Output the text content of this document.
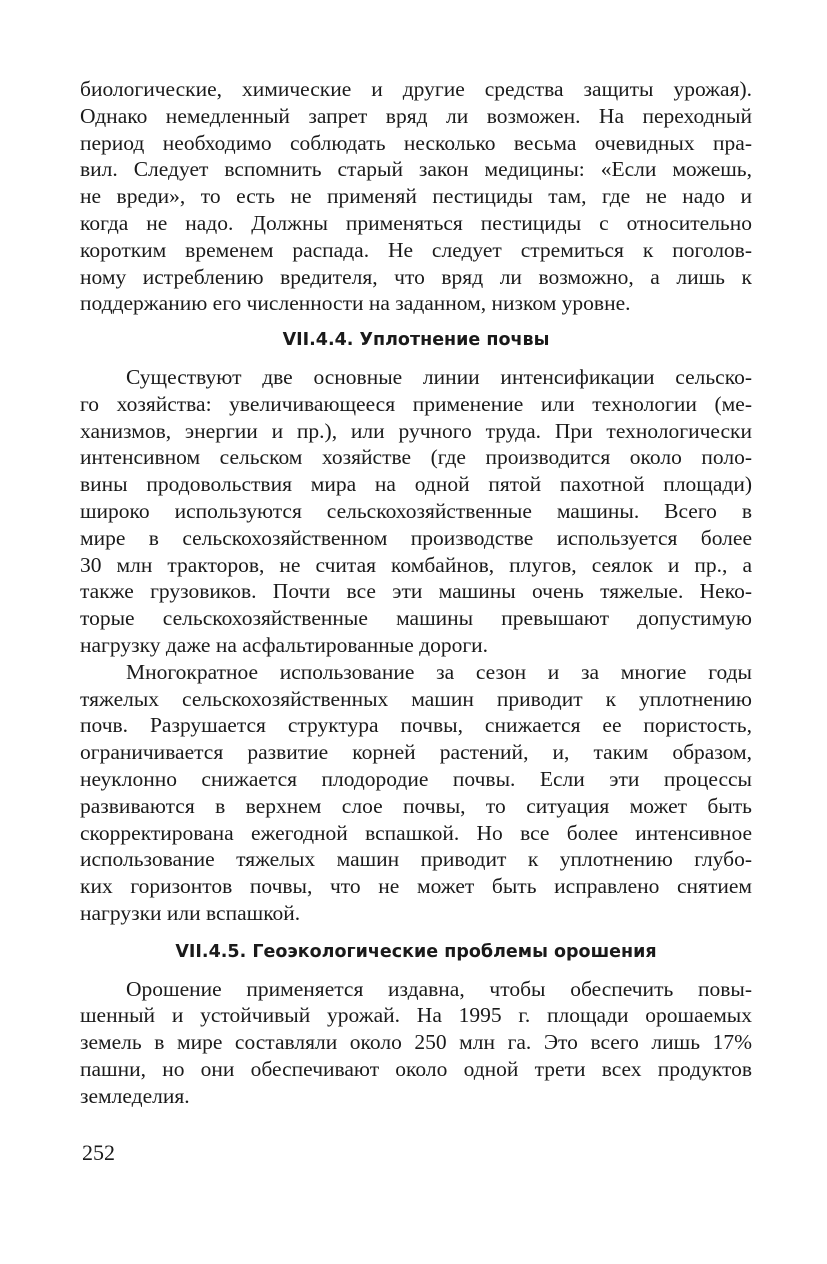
биологические, химические и другие средства защиты урожая).
Однако немедленный запрет вряд ли возможен. На переходный
период необходимо соблюдать несколько весьма очевидных пра-
вил. Следует вспомнить старый закон медицины: «Если можешь,
не вреди», то есть не применяй пестициды там, где не надо и
когда не надо. Должны применяться пестициды с относительно
коротким временем распада. Не следует стремиться к поголов-
ному истреблению вредителя, что вряд ли возможно, а лишь к
поддержанию его численности на заданном, низком уровне.
VII.4.4. Уплотнение почвы
Существуют две основные линии интенсификации сельско-
го хозяйства: увеличивающееся применение или технологии (ме-
ханизмов, энергии и пр.), или ручного труда. При технологически
интенсивном сельском хозяйстве (где производится около поло-
вины продовольствия мира на одной пятой пахотной площади)
широко используются сельскохозяйственные машины. Всего в
мире в сельскохозяйственном производстве используется более
30 млн тракторов, не считая комбайнов, плугов, сеялок и пр., а
также грузовиков. Почти все эти машины очень тяжелые. Неко-
торые сельскохозяйственные машины превышают допустимую
нагрузку даже на асфальтированные дороги.
Многократное использование за сезон и за многие годы
тяжелых сельскохозяйственных машин приводит к уплотнению
почв. Разрушается структура почвы, снижается ее пористость,
ограничивается развитие корней растений, и, таким образом,
неуклонно снижается плодородие почвы. Если эти процессы
развиваются в верхнем слое почвы, то ситуация может быть
скорректирована ежегодной вспашкой. Но все более интенсивное
использование тяжелых машин приводит к уплотнению глубо-
ких горизонтов почвы, что не может быть исправлено снятием
нагрузки или вспашкой.
VII.4.5. Геоэкологические проблемы орошения
Орошение применяется издавна, чтобы обеспечить повы-
шенный и устойчивый урожай. На 1995 г. площади орошаемых
земель в мире составляли около 250 млн га. Это всего лишь 17%
пашни, но они обеспечивают около одной трети всех продуктов
земледелия.
252
